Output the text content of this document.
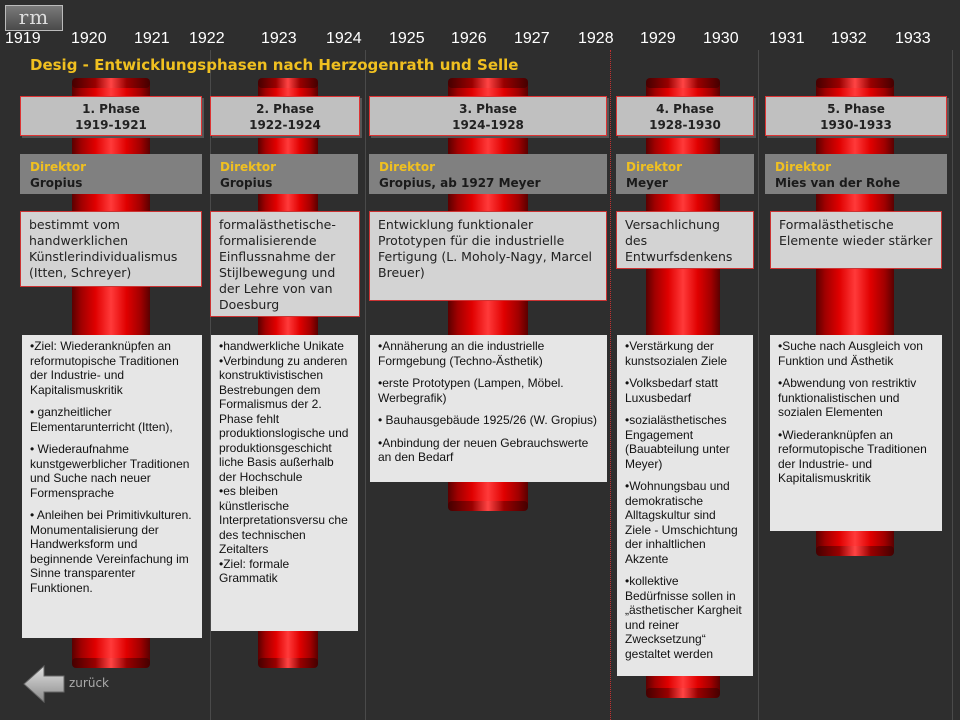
rm
1919 1920 1921 1922 1923 1924 1925 1926 1927 1928 1929 1930 1931 1932 1933
Desig - Entwicklungsphasen nach Herzogenrath und Selle
1. Phase
1919-1921
2. Phase
1922-1924
3. Phase
1924-1928
4. Phase
1928-1930
5. Phase
1930-1933
Direktor
Gropius
Direktor
Gropius
Direktor
Gropius, ab 1927 Meyer
Direktor
Meyer
Direktor
Mies van der Rohe
bestimmt vom handwerklichen Künstlerindividualismus (Itten, Schreyer)
formalästhetische-formalisierende Einflussnahme der Stijlbewegung und der Lehre von van Doesburg
Entwicklung funktionaler Prototypen für die industrielle Fertigung (L. Moholy-Nagy, Marcel Breuer)
Versachlichung des Entwurfsdenkens
Formalästhetische Elemente wieder stärker

•Ziel: Wiederanknüpfen an reformutopische Traditionen der Industrie- und Kapitalismuskritik

• ganzheitlicher Elementarunterricht (Itten),

• Wiederaufnahme kunstgewerblicher Traditionen und Suche nach neuer Formensprache

• Anleihen bei Primitivkulturen. Monumentalisierung der Handwerksform und beginnende Vereinfachung im Sinne transparenter Funktionen.

•handwerkliche Unikate

•Verbindung zu anderen konstruktivistischen Bestrebungen dem Formalismus der 2. Phase fehlt produktionslogische und produktionsgeschicht liche Basis außerhalb der Hochschule

•es bleiben künstlerische Interpretationsversu che des technischen Zeitalters

•Ziel: formale Grammatik

•Annäherung an die industrielle Formgebung (Techno-Ästhetik)

•erste Prototypen (Lampen, Möbel. Werbegrafik)

• Bauhausgebäude 1925/26 (W. Gropius)

•Anbindung der neuen Gebrauchswerte an den Bedarf

•Verstärkung der kunstsozialen Ziele

•Volksbedarf statt Luxusbedarf

•sozialästhetisches Engagement (Bauabteilung unter Meyer)

•Wohnungsbau und demokratische Alltagskultur sind Ziele - Umschichtung der inhaltlichen Akzente

•kollektive Bedürfnisse sollen in „ästhetischer Kargheit und reiner Zwecksetzung“ gestaltet werden

•Suche nach Ausgleich von Funktion und Ästhetik

•Abwendung von restriktiv funktionalistischen und sozialen Elementen

•Wiederanknüpfen an reformutopische Traditionen der Industrie- und Kapitalismuskritik

zurück
